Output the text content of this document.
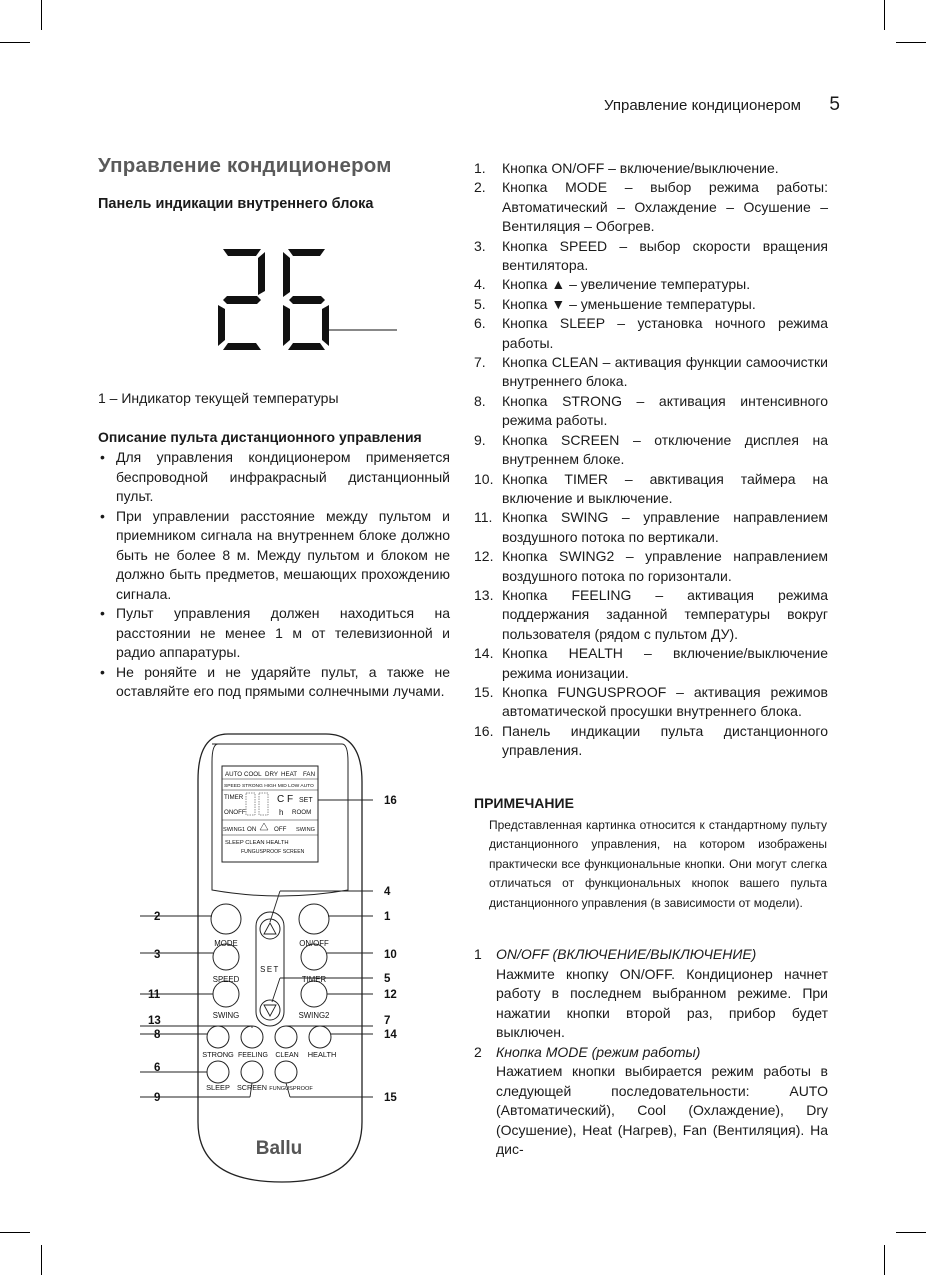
Управление кондиционером 5
Управление кондиционером
Панель индикации внутреннего блока
1 – Индикатор текущей температуры
Описание пульта дистанционного управления
• Для управления кондиционером применяется беспроводной инфракрасный дистанционный пульт.
• При управлении расстояние между пультом и приемником сигнала на внутреннем блоке должно быть не более 8 м. Между пультом и блоком не должно быть предметов, мешающих прохождению сигнала.
• Пульт управления должен находиться на расстоянии не менее 1 м от телевизионной и радио аппаратуры.
• Не роняйте и не ударяйте пульт, а также не оставляйте его под прямыми солнечными лучами.
1. Кнопка ON/OFF – включение/выключение.
2. Кнопка MODE – выбор режима работы: Автоматический – Охлаждение – Осушение – Вентиляция – Обогрев.
3. Кнопка SPEED – выбор скорости вращения вентилятора.
4. Кнопка ▲ – увеличение температуры.
5. Кнопка ▼ – уменьшение температуры.
6. Кнопка SLEEP – установка ночного режима работы.
7. Кнопка CLEAN – активация функции самоочистки внутреннего блока.
8. Кнопка STRONG – активация интенсивного режима работы.
9. Кнопка SCREEN – отключение дисплея на внутреннем блоке.
10. Кнопка TIMER – авктивация таймера на включение и выключение.
11. Кнопка SWING – управление направлением воздушного потока по вертикали.
12. Кнопка SWING2 – управление направлением воздушного потока по горизонтали.
13. Кнопка FEELING – активация режима поддержания заданной температуры вокруг пользователя (рядом с пультом ДУ).
14. Кнопка HEALTH – включение/выключение режима ионизации.
15. Кнопка FUNGUSPROOF – активация режимов автоматической просушки внутреннего блока.
16. Панель индикации пульта дистанционного управления.
ПРИМЕЧАНИЕ
Представленная картинка относится к стандартному пульту дистанционного управления, на котором изображены практически все функциональные кнопки. Они могут слегка отличаться от функциональных кнопок вашего пульта дистанционного управления (в зависимости от модели).
1 ON/OFF (ВКЛЮЧЕНИЕ/ВЫКЛЮЧЕНИЕ)
Нажмите кнопку ON/OFF. Кондиционер начнет работу в последнем выбранном режиме. При нажатии кнопки второй раз, прибор будет выключен.
2 Кнопка MODE (режим работы)
Нажатием кнопки выбирается режим работы в следующей последовательности: AUTO (Автоматический), Cool (Охлаждение), Dry (Осушение), Heat (Нагрев), Fan (Вентиляция). На дис-
AUTO COOL DRY HEAT FAN
SPEED STRONG HIGH MID LOW AUTO
TIMER
ONOFF
C F SET
h ROOM
SWING1 ON	OFF SWING
SLEEP CLEAN HEALTH
FUNGUSPROOF SCREEN
MODE	ON/OFF
SPEED
SET
TIMER
SWING	SWING2
STRONG FEELING CLEAN HEALTH
SLEEP SCREEN FUNGUSPROOF
Ballu
2
3
11
13
8
6
9
16
4
1
10
5
12
7
14
15
